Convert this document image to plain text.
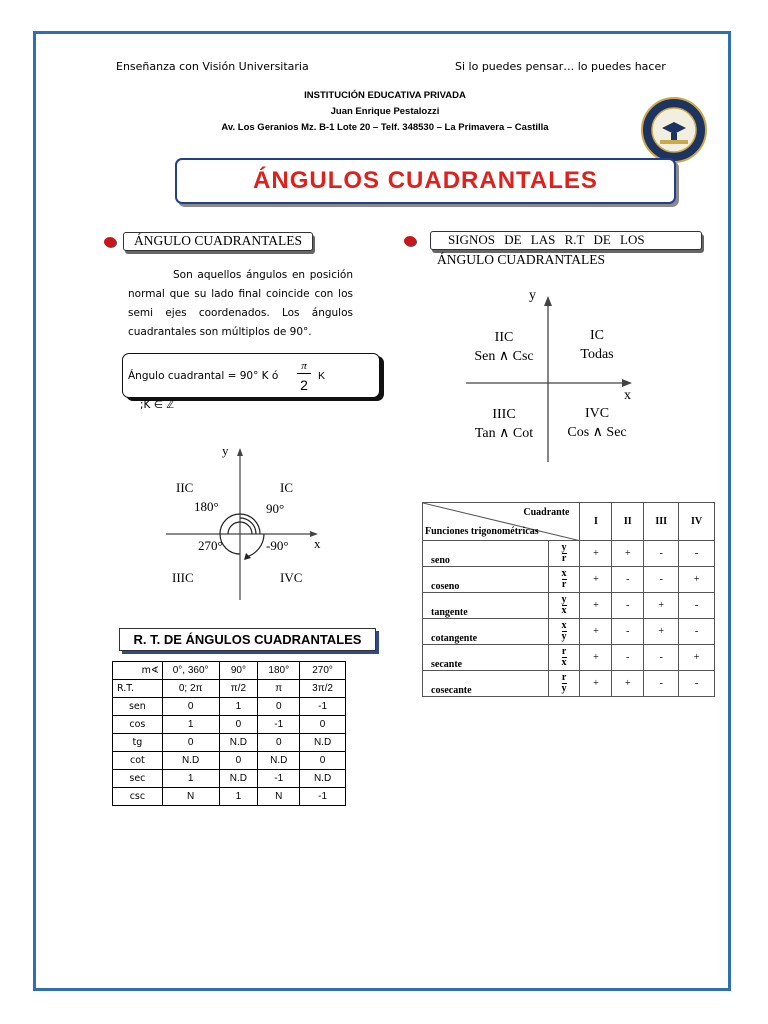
Enseñanza con Visión Universitaria	Si lo puedes pensar… lo puedes hacer
INSTITUCIÓN EDUCATIVA PRIVADA
Juan Enrique Pestalozzi
Av. Los Geranios Mz. B-1 Lote 20 – Telf. 348530 – La Primavera – Castilla
ÁNGULOS CUADRANTALES
ÁNGULO CUADRANTALES
Son aquellos ángulos en posición normal que su lado final coincide con los semi ejes coordenados. Los ángulos cuadrantales son múltiplos de 90°.
Ángulo cuadrantal = 90° K ó
π
2
K
;K ∈ ℤ
y
x
IIC	IC
IIIC	IVC
180°	90°
270°	-90°
R. T. DE ÁNGULOS CUADRANTALES
m∢	0°, 360°	90°	180°	270°
R.T.	0; 2π	π/2	π	3π/2
sen	0	1	0	-1
cos	1	0	-1	0
tg	0	N.D	0	N.D
cot	N.D	0	N.D	0
sec	1	N.D	-1	N.D
csc	N	1	N	-1
SIGNOS DE LAS R.T DE LOS
ÁNGULO CUADRANTALES
y
x
IIC
Sen ∧ Csc
IC
Todas
IIIC
Tan ∧ Cot
IVC
Cos ∧ Sec
Cuadrante
Funciones trigonométricas		I	II	III	IV
seno	$\frac{y}{r}$	+	+	-	-
coseno	$\frac{x}{r}$	+	-	-	+
tangente	$\frac{y}{x}$	+	-	+	-
cotangente	$\frac{x}{y}$	+	-	+	-
secante	$\frac{r}{x}$	+	-	-	+
cosecante	$\frac{r}{y}$	+	+	-	-
